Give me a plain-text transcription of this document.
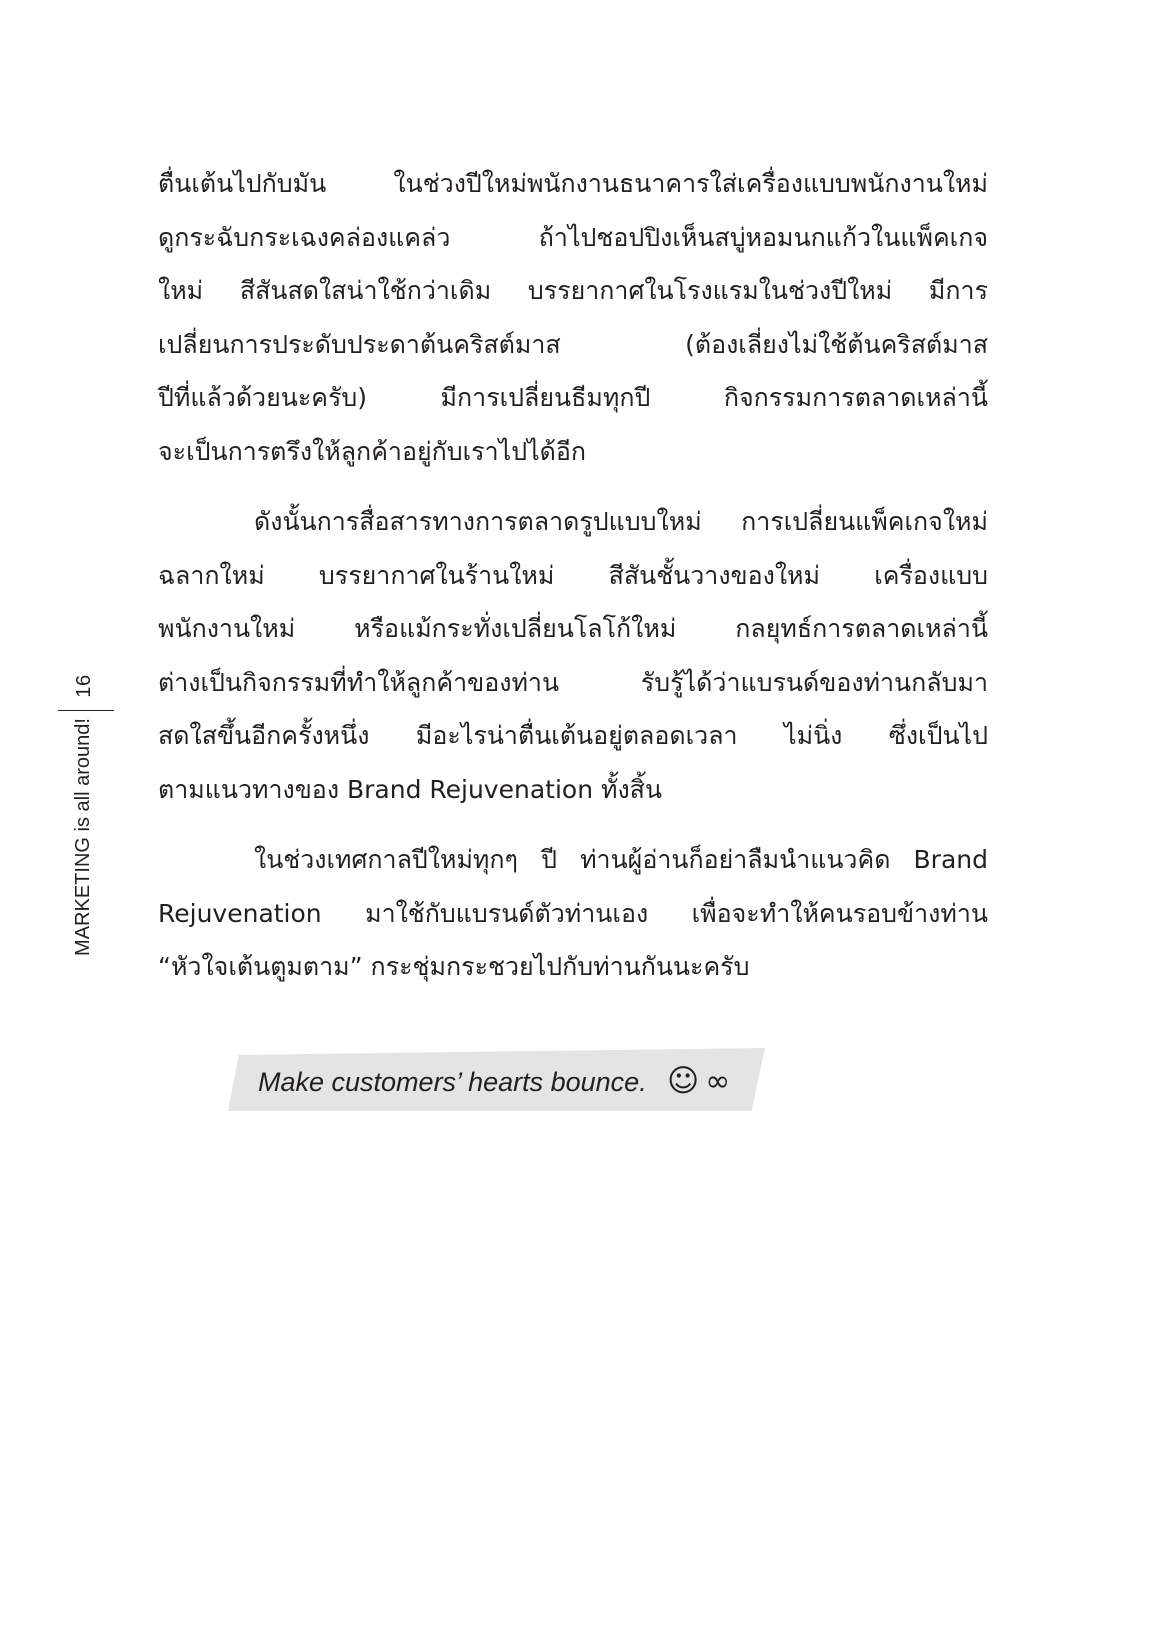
16
MARKETING is all around!
ตื่นเต้นไปกับมัน ในช่วงปีใหม่พนักงานธนาคารใส่เครื่องแบบพนักงานใหม่
ดูกระฉับกระเฉงคล่องแคล่ว ถ้าไปชอปปิงเห็นสบู่หอมนกแก้วในแพ็คเกจ
ใหม่ สีสันสดใสน่าใช้กว่าเดิม บรรยากาศในโรงแรมในช่วงปีใหม่ มีการ
เปลี่ยนการประดับประดาต้นคริสต์มาส (ต้องเลี่ยงไม่ใช้ต้นคริสต์มาส
ปีที่แล้วด้วยนะครับ) มีการเปลี่ยนธีมทุกปี กิจกรรมการตลาดเหล่านี้
จะเป็นการตรึงให้ลูกค้าอยู่กับเราไปได้อีก
ดังนั้นการสื่อสารทางการตลาดรูปแบบใหม่ การเปลี่ยนแพ็คเกจใหม่
ฉลากใหม่ บรรยากาศในร้านใหม่ สีสันชั้นวางของใหม่ เครื่องแบบ
พนักงานใหม่ หรือแม้กระทั่งเปลี่ยนโลโก้ใหม่ กลยุทธ์การตลาดเหล่านี้
ต่างเป็นกิจกรรมที่ทำให้ลูกค้าของท่าน รับรู้ได้ว่าแบรนด์ของท่านกลับมา
สดใสขึ้นอีกครั้งหนึ่ง มีอะไรน่าตื่นเต้นอยู่ตลอดเวลา ไม่นิ่ง ซึ่งเป็นไป
ตามแนวทางของ Brand Rejuvenation ทั้งสิ้น
ในช่วงเทศกาลปีใหม่ทุกๆ ปี ท่านผู้อ่านก็อย่าลืมนำแนวคิด Brand
Rejuvenation มาใช้กับแบรนด์ตัวท่านเอง เพื่อจะทำให้คนรอบข้างท่าน
“หัวใจเต้นตูมตาม” กระชุ่มกระชวยไปกับท่านกันนะครับ
Make customers’ hearts bounce. ☺ ∞
